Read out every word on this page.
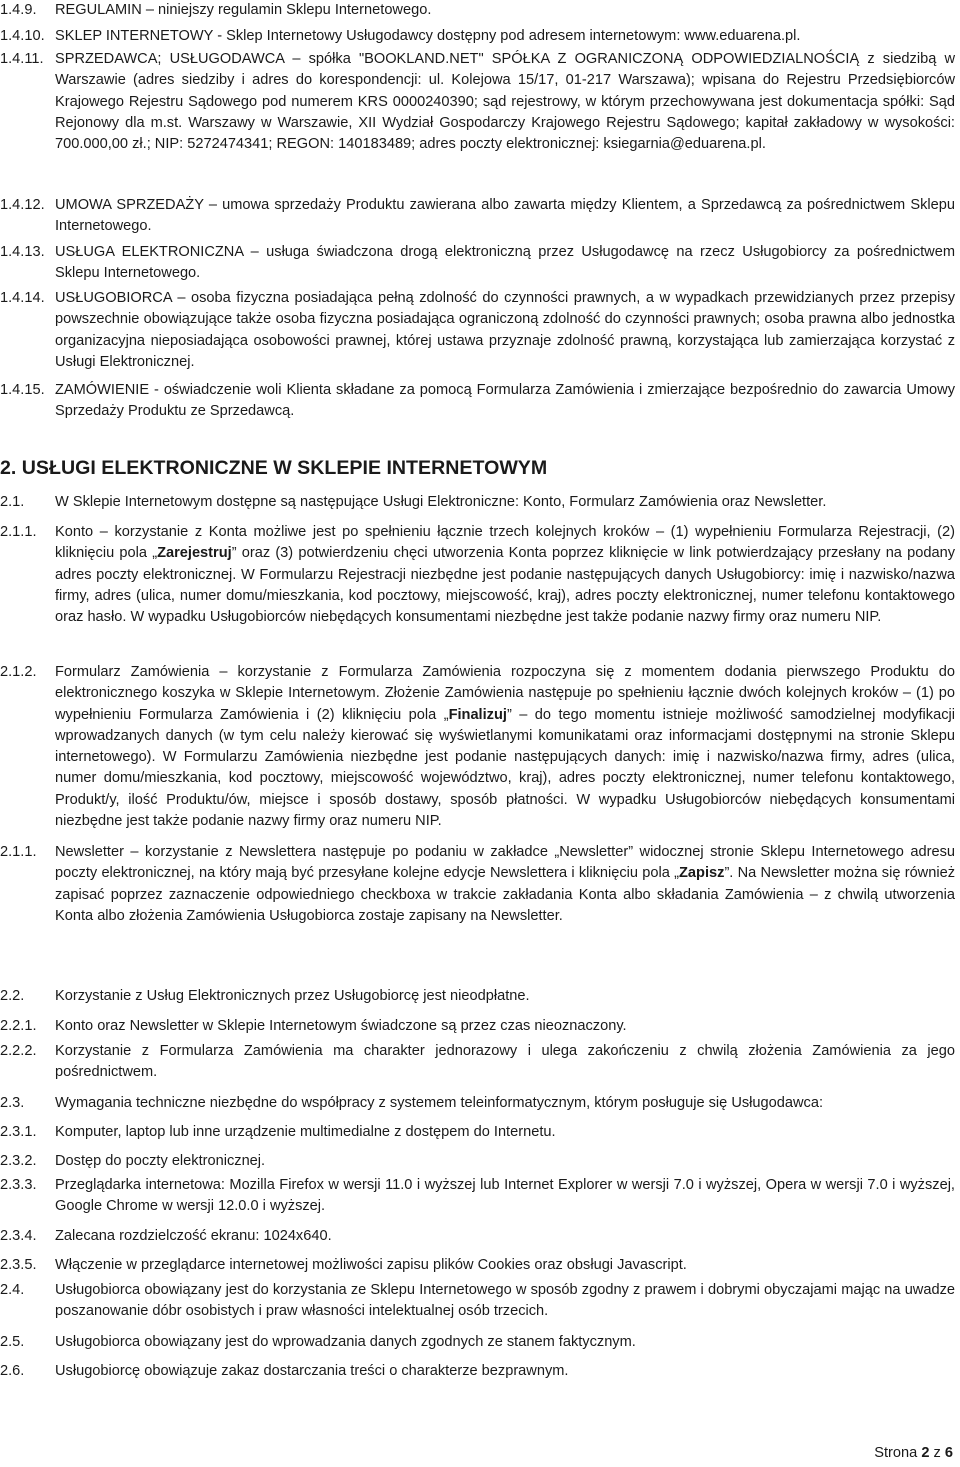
2. USŁUGI ELEKTRONICZNE W SKLEPIE INTERNETOWYM
1.4.9. REGULAMIN – niniejszy regulamin Sklepu Internetowego.
1.4.10. SKLEP INTERNETOWY - Sklep Internetowy Usługodawcy dostępny pod adresem internetowym: www.eduarena.pl.
1.4.11. SPRZEDAWCA; USŁUGODAWCA – spółka "BOOKLAND.NET" SPÓŁKA Z OGRANICZONĄ ODPOWIEDZIALNOŚCIĄ z siedzibą w Warszawie (adres siedziby i adres do korespondencji: ul. Kolejowa 15/17, 01-217 Warszawa); wpisana do Rejestru Przedsiębiorców Krajowego Rejestru Sądowego pod numerem KRS 0000240390; sąd rejestrowy, w którym przechowywana jest dokumentacja spółki: Sąd Rejonowy dla m.st. Warszawy w Warszawie, XII Wydział Gospodarczy Krajowego Rejestru Sądowego; kapitał zakładowy w wysokości: 700.000,00 zł.; NIP: 5272474341; REGON: 140183489; adres poczty elektronicznej: ksiegarnia@eduarena.pl.
1.4.12. UMOWA SPRZEDAŻY – umowa sprzedaży Produktu zawierana albo zawarta między Klientem, a Sprzedawcą za pośrednictwem Sklepu Internetowego.
1.4.13. USŁUGA ELEKTRONICZNA – usługa świadczona drogą elektroniczną przez Usługodawcę na rzecz Usługobiorcy za pośrednictwem Sklepu Internetowego.
1.4.14. USŁUGOBIORCA – osoba fizyczna posiadająca pełną zdolność do czynności prawnych, a w wypadkach przewidzianych przez przepisy powszechnie obowiązujące także osoba fizyczna posiadająca ograniczoną zdolność do czynności prawnych; osoba prawna albo jednostka organizacyjna nieposiadająca osobowości prawnej, której ustawa przyznaje zdolność prawną, korzystająca lub zamierzająca korzystać z Usługi Elektronicznej.
1.4.15. ZAMÓWIENIE - oświadczenie woli Klienta składane za pomocą Formularza Zamówienia i zmierzające bezpośrednio do zawarcia Umowy Sprzedaży Produktu ze Sprzedawcą.
2.1. W Sklepie Internetowym dostępne są następujące Usługi Elektroniczne: Konto, Formularz Zamówienia oraz Newsletter.
2.1.1. Konto – korzystanie z Konta możliwe jest po spełnieniu łącznie trzech kolejnych kroków – (1) wypełnieniu Formularza Rejestracji, (2) kliknięciu pola „Zarejestruj” oraz (3) potwierdzeniu chęci utworzenia Konta poprzez kliknięcie w link potwierdzający przesłany na podany adres poczty elektronicznej. W Formularzu Rejestracji niezbędne jest podanie następujących danych Usługobiorcy: imię i nazwisko/nazwa firmy, adres (ulica, numer domu/mieszkania, kod pocztowy, miejscowość, kraj), adres poczty elektronicznej, numer telefonu kontaktowego oraz hasło. W wypadku Usługobiorców niebędących konsumentami niezbędne jest także podanie nazwy firmy oraz numeru NIP.
2.1.2. Formularz Zamówienia – korzystanie z Formularza Zamówienia rozpoczyna się z momentem dodania pierwszego Produktu do elektronicznego koszyka w Sklepie Internetowym. Złożenie Zamówienia następuje po spełnieniu łącznie dwóch kolejnych kroków – (1) po wypełnieniu Formularza Zamówienia i (2) kliknięciu pola „Finalizuj” – do tego momentu istnieje możliwość samodzielnej modyfikacji wprowadzanych danych (w tym celu należy kierować się wyświetlanymi komunikatami oraz informacjami dostępnymi na stronie Sklepu internetowego). W Formularzu Zamówienia niezbędne jest podanie następujących danych: imię i nazwisko/nazwa firmy, adres (ulica, numer domu/mieszkania, kod pocztowy, miejscowość województwo, kraj), adres poczty elektronicznej, numer telefonu kontaktowego, Produkt/y, ilość Produktu/ów, miejsce i sposób dostawy, sposób płatności. W wypadku Usługobiorców niebędących konsumentami niezbędne jest także podanie nazwy firmy oraz numeru NIP.
2.1.1. Newsletter – korzystanie z Newslettera następuje po podaniu w zakładce „Newsletter” widocznej stronie Sklepu Internetowego adresu poczty elektronicznej, na który mają być przesyłane kolejne edycje Newslettera i kliknięciu pola „Zapisz”. Na Newsletter można się również zapisać poprzez zaznaczenie odpowiedniego checkboxa w trakcie zakładania Konta albo składania Zamówienia – z chwilą utworzenia Konta albo złożenia Zamówienia Usługobiorca zostaje zapisany na Newsletter.
2.2. Korzystanie z Usług Elektronicznych przez Usługobiorcę jest nieodpłatne.
2.2.1. Konto oraz Newsletter w Sklepie Internetowym świadczone są przez czas nieoznaczony.
2.2.2. Korzystanie z Formularza Zamówienia ma charakter jednorazowy i ulega zakończeniu z chwilą złożenia Zamówienia za jego pośrednictwem.
2.3. Wymagania techniczne niezbędne do współpracy z systemem teleinformatycznym, którym posługuje się Usługodawca:
2.3.1. Komputer, laptop lub inne urządzenie multimedialne z dostępem do Internetu.
2.3.2. Dostęp do poczty elektronicznej.
2.3.3. Przeglądarka internetowa: Mozilla Firefox w wersji 11.0 i wyższej lub Internet Explorer w wersji 7.0 i wyższej, Opera w wersji 7.0 i wyższej, Google Chrome w wersji 12.0.0 i wyższej.
2.3.4. Zalecana rozdzielczość ekranu: 1024x640.
2.3.5. Włączenie w przeglądarce internetowej możliwości zapisu plików Cookies oraz obsługi Javascript.
2.4. Usługobiorca obowiązany jest do korzystania ze Sklepu Internetowego w sposób zgodny z prawem i dobrymi obyczajami mając na uwadze poszanowanie dóbr osobistych i praw własności intelektualnej osób trzecich.
2.5. Usługobiorca obowiązany jest do wprowadzania danych zgodnych ze stanem faktycznym.
2.6. Usługobiorcę obowiązuje zakaz dostarczania treści o charakterze bezprawnym.
Strona 2 z 6
